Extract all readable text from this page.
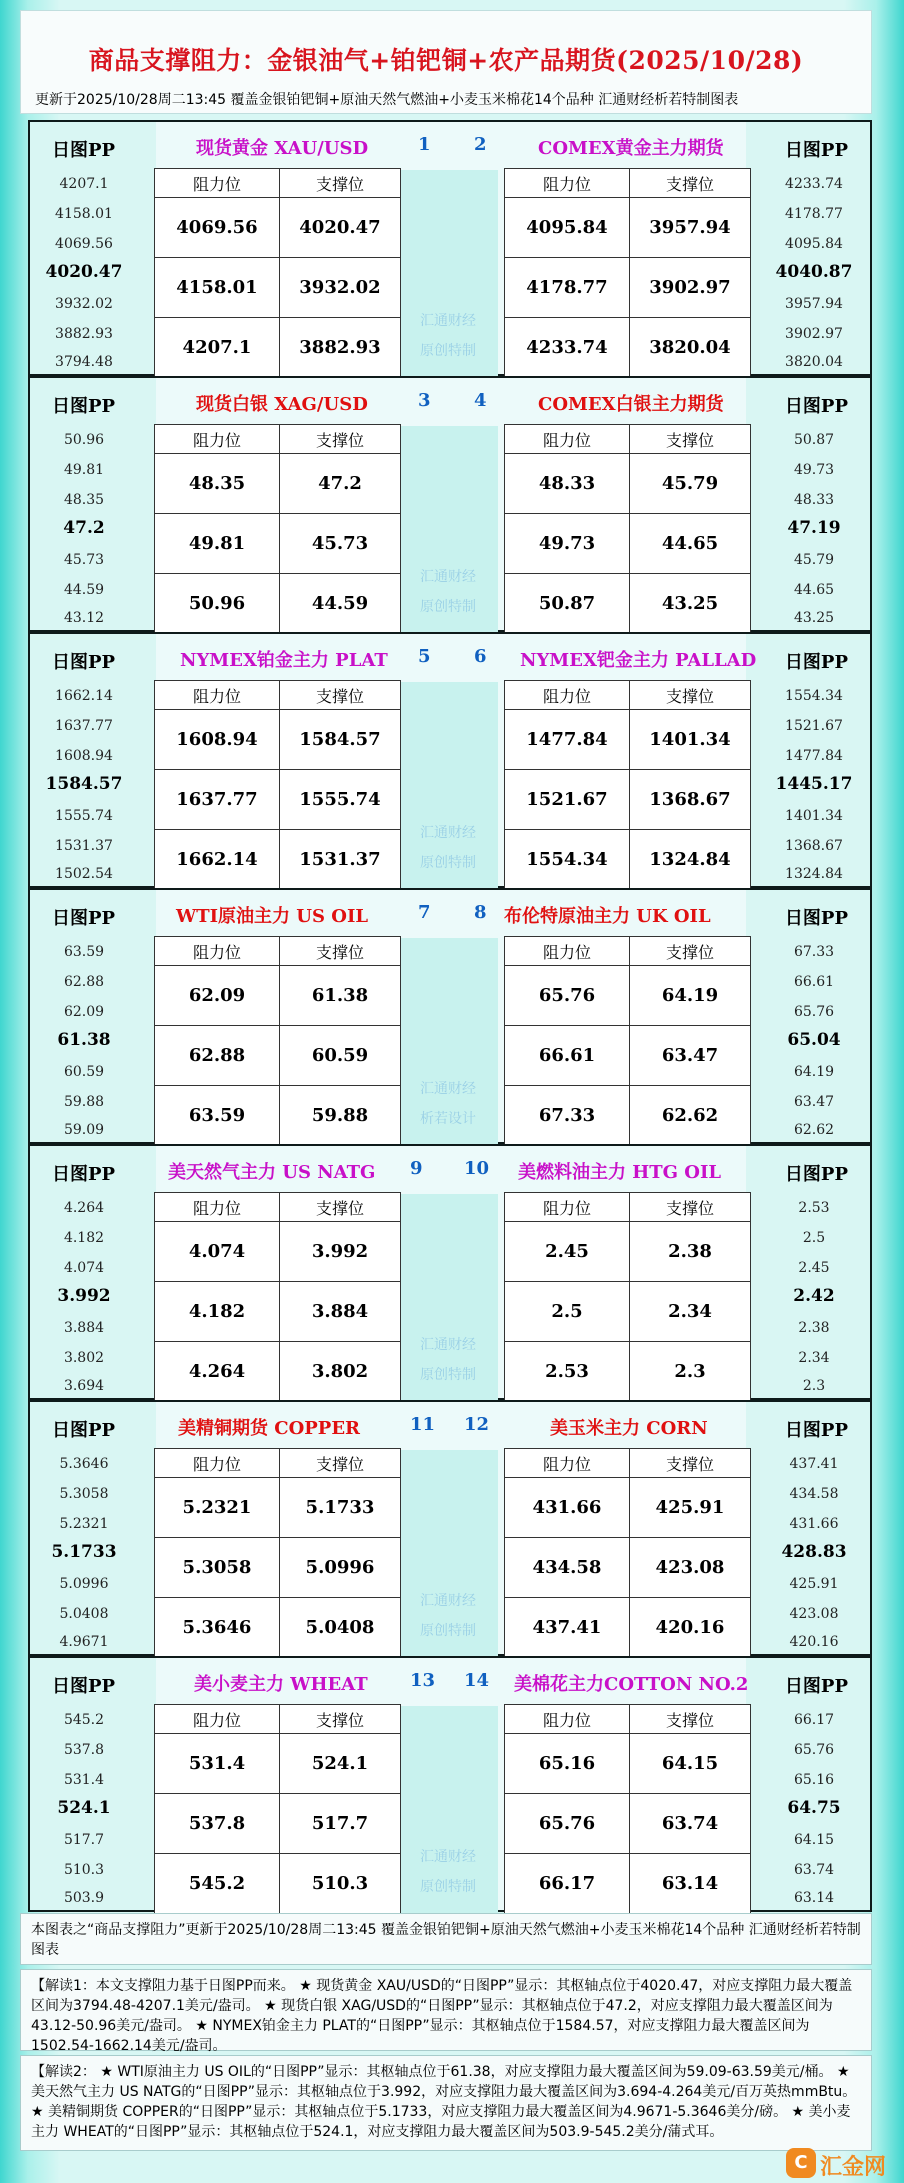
商品支撑阻力：金银油气+铂钯铜+农产品期货(2025/10/28)
更新于2025/10/28周二13:45 覆盖金银铂钯铜+原油天然气燃油+小麦玉米棉花14个品种 汇通财经析若特制图表
日图PP	日图PP
4207.1
4158.01
4069.56
4020.47
3932.02
3882.93
3794.48
4233.74
4178.77
4095.84
4040.87
3957.94
3902.97
3820.04
现货黄金 XAU/USD	COMEX黄金主力期货
1 2
汇通财经
原创特制
阻力位	支撑位
4069.56	4020.47
4158.01	3932.02
4207.1	3882.93
阻力位	支撑位
4095.84	3957.94
4178.77	3902.97
4233.74	3820.04
日图PP	日图PP
50.96
49.81
48.35
47.2
45.73
44.59
43.12
50.87
49.73
48.33
47.19
45.79
44.65
43.25
现货白银 XAG/USD	COMEX白银主力期货
3 4
汇通财经
原创特制
阻力位	支撑位
48.35	47.2
49.81	45.73
50.96	44.59
阻力位	支撑位
48.33	45.79
49.73	44.65
50.87	43.25
日图PP	日图PP
1662.14
1637.77
1608.94
1584.57
1555.74
1531.37
1502.54
1554.34
1521.67
1477.84
1445.17
1401.34
1368.67
1324.84
NYMEX铂金主力 PLAT	NYMEX钯金主力 PALLAD
5 6
汇通财经
原创特制
阻力位	支撑位
1608.94	1584.57
1637.77	1555.74
1662.14	1531.37
阻力位	支撑位
1477.84	1401.34
1521.67	1368.67
1554.34	1324.84
日图PP	日图PP
63.59
62.88
62.09
61.38
60.59
59.88
59.09
67.33
66.61
65.76
65.04
64.19
63.47
62.62
WTI原油主力 US OIL	布伦特原油主力 UK OIL
7 8
汇通财经
析若设计
阻力位	支撑位
62.09	61.38
62.88	60.59
63.59	59.88
阻力位	支撑位
65.76	64.19
66.61	63.47
67.33	62.62
日图PP	日图PP
4.264
4.182
4.074
3.992
3.884
3.802
3.694
2.53
2.5
2.45
2.42
2.38
2.34
2.3
美天然气主力 US NATG	美燃料油主力 HTG OIL
9 10
汇通财经
原创特制
阻力位	支撑位
4.074	3.992
4.182	3.884
4.264	3.802
阻力位	支撑位
2.45	2.38
2.5	2.34
2.53	2.3
日图PP	日图PP
5.3646
5.3058
5.2321
5.1733
5.0996
5.0408
4.9671
437.41
434.58
431.66
428.83
425.91
423.08
420.16
美精铜期货 COPPER	美玉米主力 CORN
11 12
汇通财经
原创特制
阻力位	支撑位
5.2321	5.1733
5.3058	5.0996
5.3646	5.0408
阻力位	支撑位
431.66	425.91
434.58	423.08
437.41	420.16
日图PP	日图PP
545.2
537.8
531.4
524.1
517.7
510.3
503.9
66.17
65.76
65.16
64.75
64.15
63.74
63.14
美小麦主力 WHEAT	美棉花主力COTTON NO.2
13 14
汇通财经
原创特制
阻力位	支撑位
531.4	524.1
537.8	517.7
545.2	510.3
阻力位	支撑位
65.16	64.15
65.76	63.74
66.17	63.14
本图表之“商品支撑阻力”更新于2025/10/28周二13:45 覆盖金银铂钯铜+原油天然气燃油+小麦玉米棉花14个品种 汇通财经析若特制图表
【解读1：本文支撑阻力基于日图PP而来。 ★ 现货黄金 XAU/USD的“日图PP”显示：其枢轴点位于4020.47，对应支撑阻力最大覆盖区间为3794.48-4207.1美元/盎司。 ★ 现货白银 XAG/USD的“日图PP”显示：其枢轴点位于47.2，对应支撑阻力最大覆盖区间为43.12-50.96美元/盎司。 ★ NYMEX铂金主力 PLAT的“日图PP”显示：其枢轴点位于1584.57，对应支撑阻力最大覆盖区间为1502.54-1662.14美元/盎司。
【解读2： ★ WTI原油主力 US OIL的“日图PP”显示：其枢轴点位于61.38，对应支撑阻力最大覆盖区间为59.09-63.59美元/桶。 ★ 美天然气主力 US NATG的“日图PP”显示：其枢轴点位于3.992，对应支撑阻力最大覆盖区间为3.694-4.264美元/百万英热mmBtu。 ★ 美精铜期货 COPPER的“日图PP”显示：其枢轴点位于5.1733，对应支撑阻力最大覆盖区间为4.9671-5.3646美分/磅。 ★ 美小麦主力 WHEAT的“日图PP”显示：其枢轴点位于524.1，对应支撑阻力最大覆盖区间为503.9-545.2美分/蒲式耳。
C 汇金网
